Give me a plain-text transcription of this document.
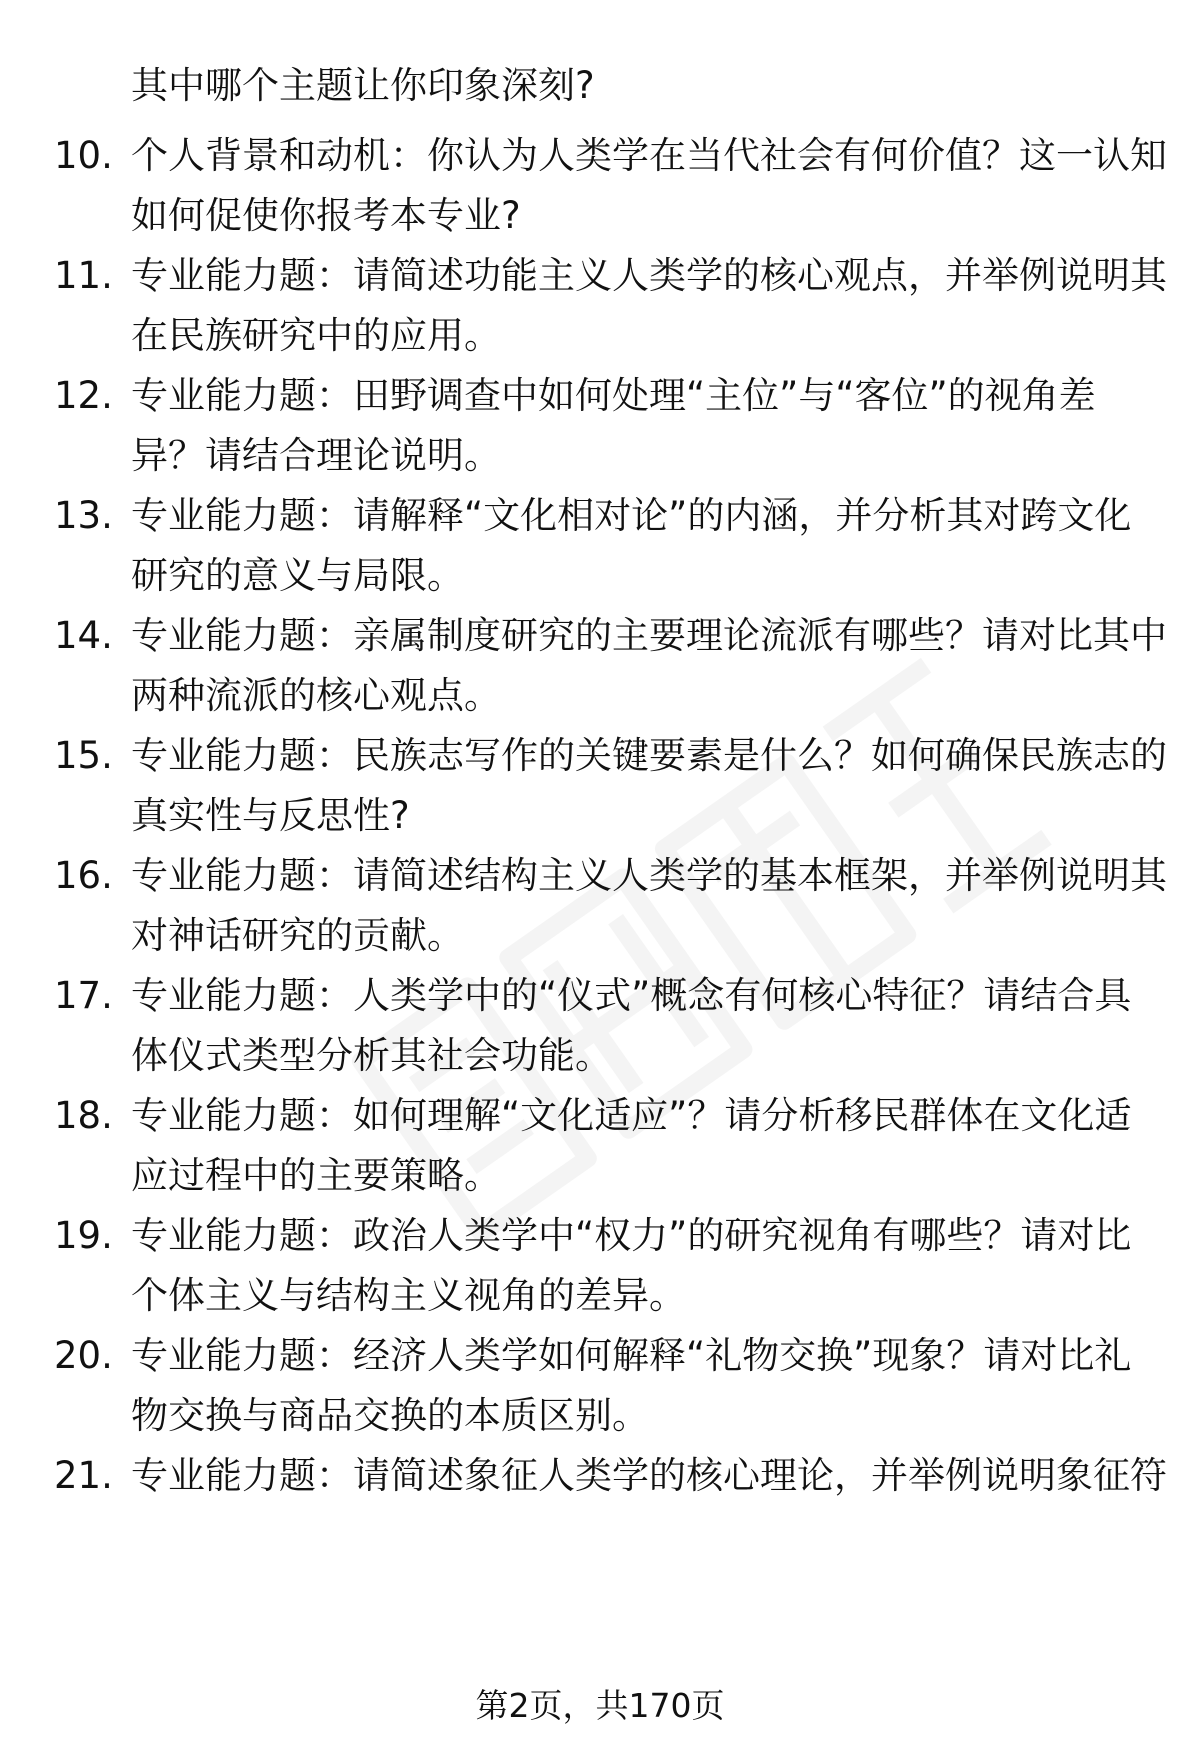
其中哪个主题让你印象深刻?
10. 个人背景和动机：你认为人类学在当代社会有何价值？这一认知
如何促使你报考本专业?
11. 专业能力题：请简述功能主义人类学的核心观点，并举例说明其
在民族研究中的应用。
12. 专业能力题：田野调查中如何处理“主位”与“客位”的视角差
异？请结合理论说明。
13. 专业能力题：请解释“文化相对论”的内涵，并分析其对跨文化
研究的意义与局限。
14. 专业能力题：亲属制度研究的主要理论流派有哪些？请对比其中
两种流派的核心观点。
15. 专业能力题：民族志写作的关键要素是什么？如何确保民族志的
真实性与反思性?
16. 专业能力题：请简述结构主义人类学的基本框架，并举例说明其
对神话研究的贡献。
17. 专业能力题：人类学中的“仪式”概念有何核心特征？请结合具
体仪式类型分析其社会功能。
18. 专业能力题：如何理解“文化适应”？请分析移民群体在文化适
应过程中的主要策略。
19. 专业能力题：政治人类学中“权力”的研究视角有哪些？请对比
个体主义与结构主义视角的差异。
20. 专业能力题：经济人类学如何解释“礼物交换”现象？请对比礼
物交换与商品交换的本质区别。
21. 专业能力题：请简述象征人类学的核心理论，并举例说明象征符
第2页，共170页
